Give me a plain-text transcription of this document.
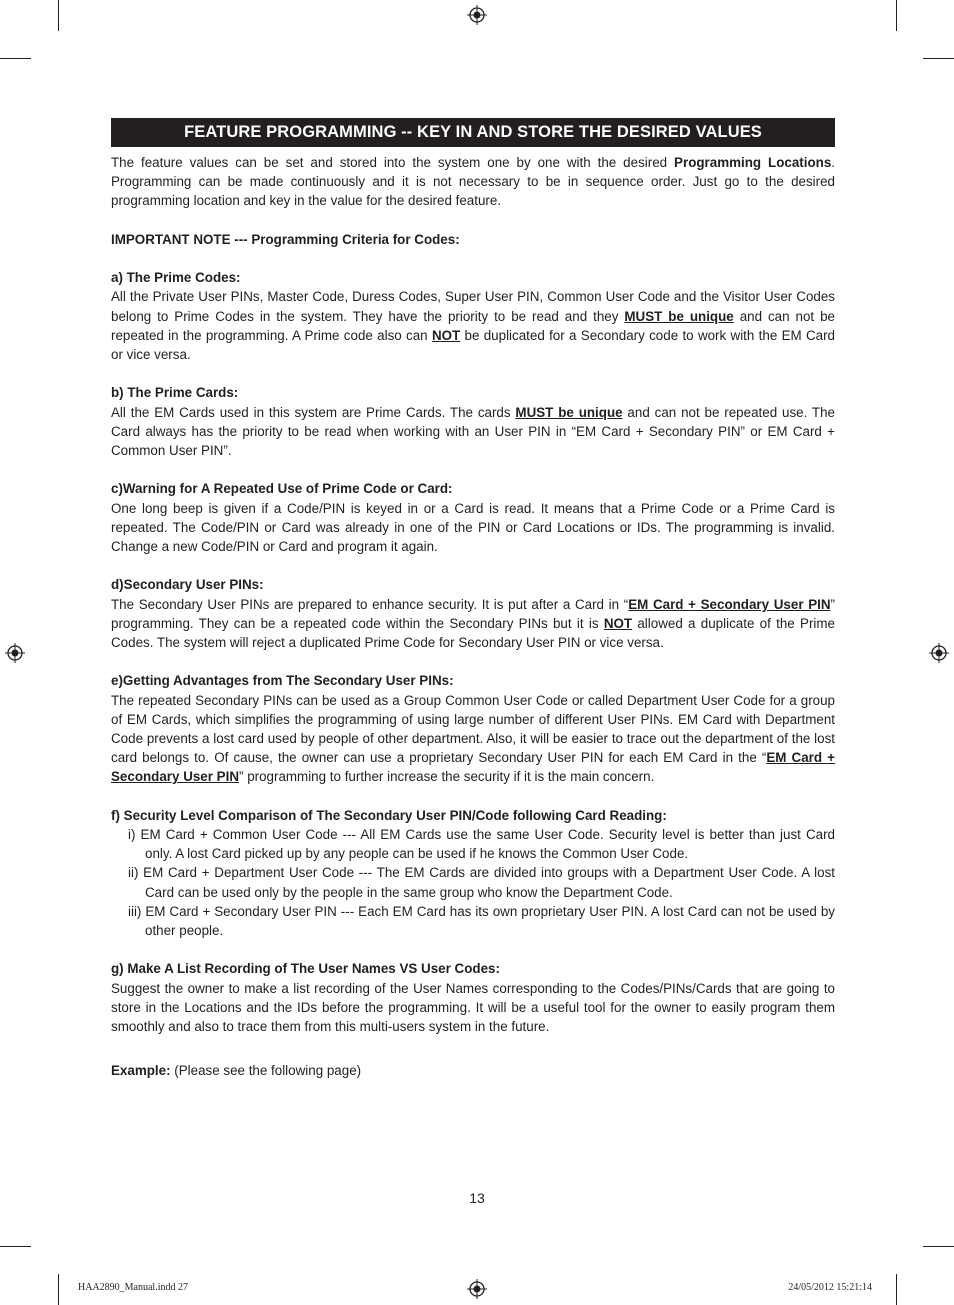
FEATURE PROGRAMMING -- KEY IN AND STORE THE DESIRED VALUES

The feature values can be set and stored into the system one by one with the desired Programming Locations. Programming can be made continuously and it is not necessary to be in sequence order. Just go to the desired programming location and key in the value for the desired feature.

IMPORTANT NOTE --- Programming Criteria for Codes:

a) The Prime Codes:

All the Private User PINs, Master Code, Duress Codes, Super User PIN, Common User Code and the Visitor User Codes belong to Prime Codes in the system. They have the priority to be read and they MUST be unique and can not be repeated in the programming. A Prime code also can NOT be duplicated for a Secondary code to work with the EM Card or vice versa.

b) The Prime Cards:

All the EM Cards used in this system are Prime Cards. The cards MUST be unique and can not be repeated use. The Card always has the priority to be read when working with an User PIN in “EM Card + Secondary PIN” or EM Card + Common User PIN”.

c)Warning for A Repeated Use of Prime Code or Card:

One long beep is given if a Code/PIN is keyed in or a Card is read. It means that a Prime Code or a Prime Card is repeated. The Code/PIN or Card was already in one of the PIN or Card Locations or IDs. The programming is invalid. Change a new Code/PIN or Card and program it again.

d)Secondary User PINs:

The Secondary User PINs are prepared to enhance security. It is put after a Card in “EM Card + Secondary User PIN” programming. They can be a repeated code within the Secondary PINs but it is NOT allowed a duplicate of the Prime Codes. The system will reject a duplicated Prime Code for Secondary User PIN or vice versa.

e)Getting Advantages from The Secondary User PINs:

The repeated Secondary PINs can be used as a Group Common User Code or called Department User Code for a group of EM Cards, which simplifies the programming of using large number of different User PINs. EM Card with Department Code prevents a lost card used by people of other department. Also, it will be easier to trace out the department of the lost card belongs to. Of cause, the owner can use a proprietary Secondary User PIN for each EM Card in the “EM Card + Secondary User PIN” programming to further increase the security if it is the main concern.

f) Security Level Comparison of The Secondary User PIN/Code following Card Reading:

i) EM Card + Common User Code --- All EM Cards use the same User Code. Security level is better than just Card only. A lost Card picked up by any people can be used if he knows the Common User Code.

ii) EM Card + Department User Code --- The EM Cards are divided into groups with a Department User Code. A lost Card can be used only by the people in the same group who know the Department Code.

iii) EM Card + Secondary User PIN --- Each EM Card has its own proprietary User PIN. A lost Card can not be used by other people.

g) Make A List Recording of The User Names VS User Codes:

Suggest the owner to make a list recording of the User Names corresponding to the Codes/PINs/Cards that are going to store in the Locations and the IDs before the programming. It will be a useful tool for the owner to easily program them smoothly and also to trace them from this multi-users system in the future.

Example: (Please see the following page)

13
HAA2890_Manual.indd 27	24/05/2012 15:21:14
